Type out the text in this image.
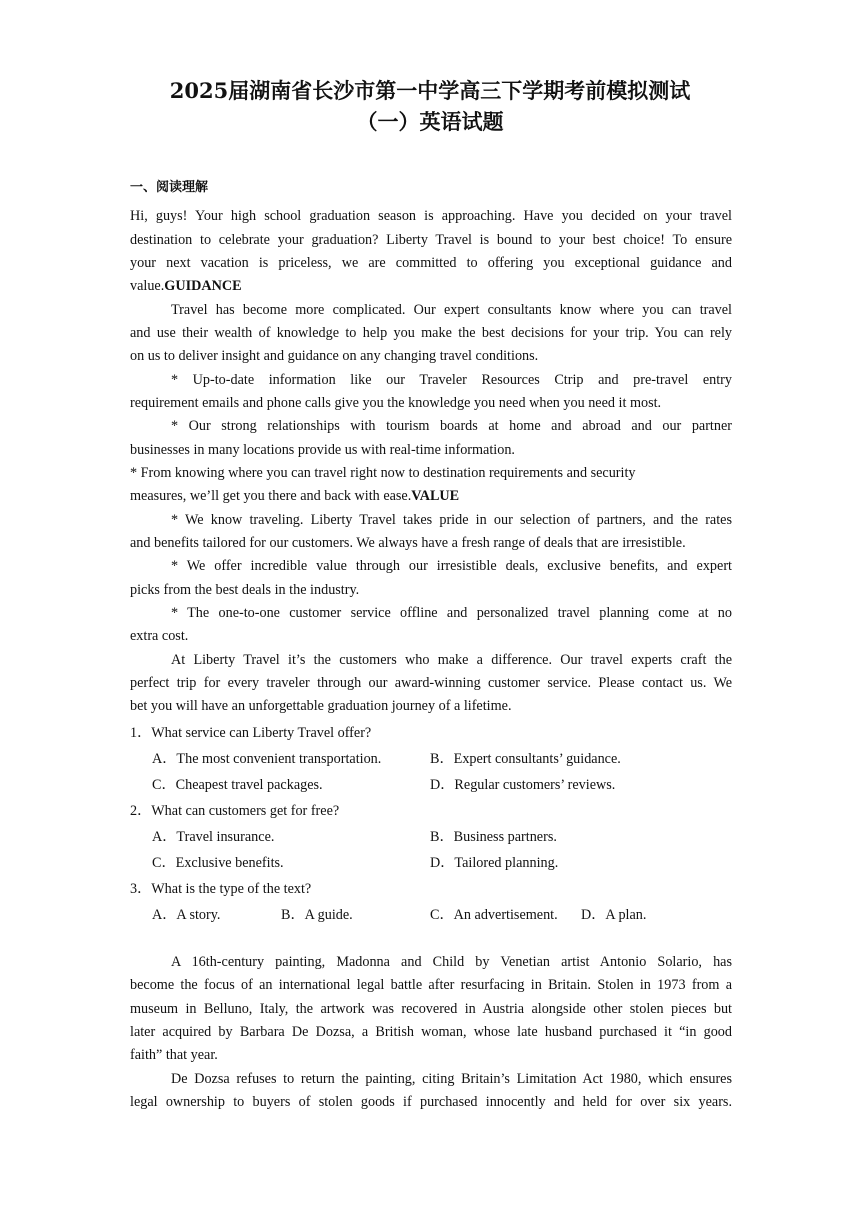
2025届湖南省长沙市第一中学高三下学期考前模拟测试
（一）英语试题
一、阅读理解
Hi, guys! Your high school graduation season is approaching. Have you decided on your travel
destination to celebrate your graduation? Liberty Travel is bound to your best choice! To ensure
your next vacation is priceless, we are committed to offering you exceptional guidance and
value.GUIDANCE
Travel has become more complicated. Our expert consultants know where you can travel
and use their wealth of knowledge to help you make the best decisions for your trip. You can rely
on us to deliver insight and guidance on any changing travel conditions.
* Up-to-date information like our Traveler Resources Ctrip and pre-travel entry
requirement emails and phone calls give you the knowledge you need when you need it most.
* Our strong relationships with tourism boards at home and abroad and our partner
businesses in many locations provide us with real-time information.
* From knowing where you can travel right now to destination requirements and security
measures, we’ll get you there and back with ease.VALUE
* We know traveling. Liberty Travel takes pride in our selection of partners, and the rates
and benefits tailored for our customers. We always have a fresh range of deals that are irresistible.
* We offer incredible value through our irresistible deals, exclusive benefits, and expert
picks from the best deals in the industry.
* The one-to-one customer service offline and personalized travel planning come at no
extra cost.
At Liberty Travel it’s the customers who make a difference. Our travel experts craft the
perfect trip for every traveler through our award-winning customer service. Please contact us. We
bet you will have an unforgettable graduation journey of a lifetime.
1．What service can Liberty Travel offer?
A．The most convenient transportation.	B．Expert consultants’ guidance.
C．Cheapest travel packages.	D．Regular customers’ reviews.
2．What can customers get for free?
A．Travel insurance.	B．Business partners.
C．Exclusive benefits.	D．Tailored planning.
3．What is the type of the text?
A．A story.	B．A guide.	C．An advertisement. D．A plan.
A 16th-century painting, Madonna and Child by Venetian artist Antonio Solario, has
become the focus of an international legal battle after resurfacing in Britain. Stolen in 1973 from a
museum in Belluno, Italy, the artwork was recovered in Austria alongside other stolen pieces but
later acquired by Barbara De Dozsa, a British woman, whose late husband purchased it “in good
faith” that year.
De Dozsa refuses to return the painting, citing Britain’s Limitation Act 1980, which ensures
legal ownership to buyers of stolen goods if purchased innocently and held for over six years.
